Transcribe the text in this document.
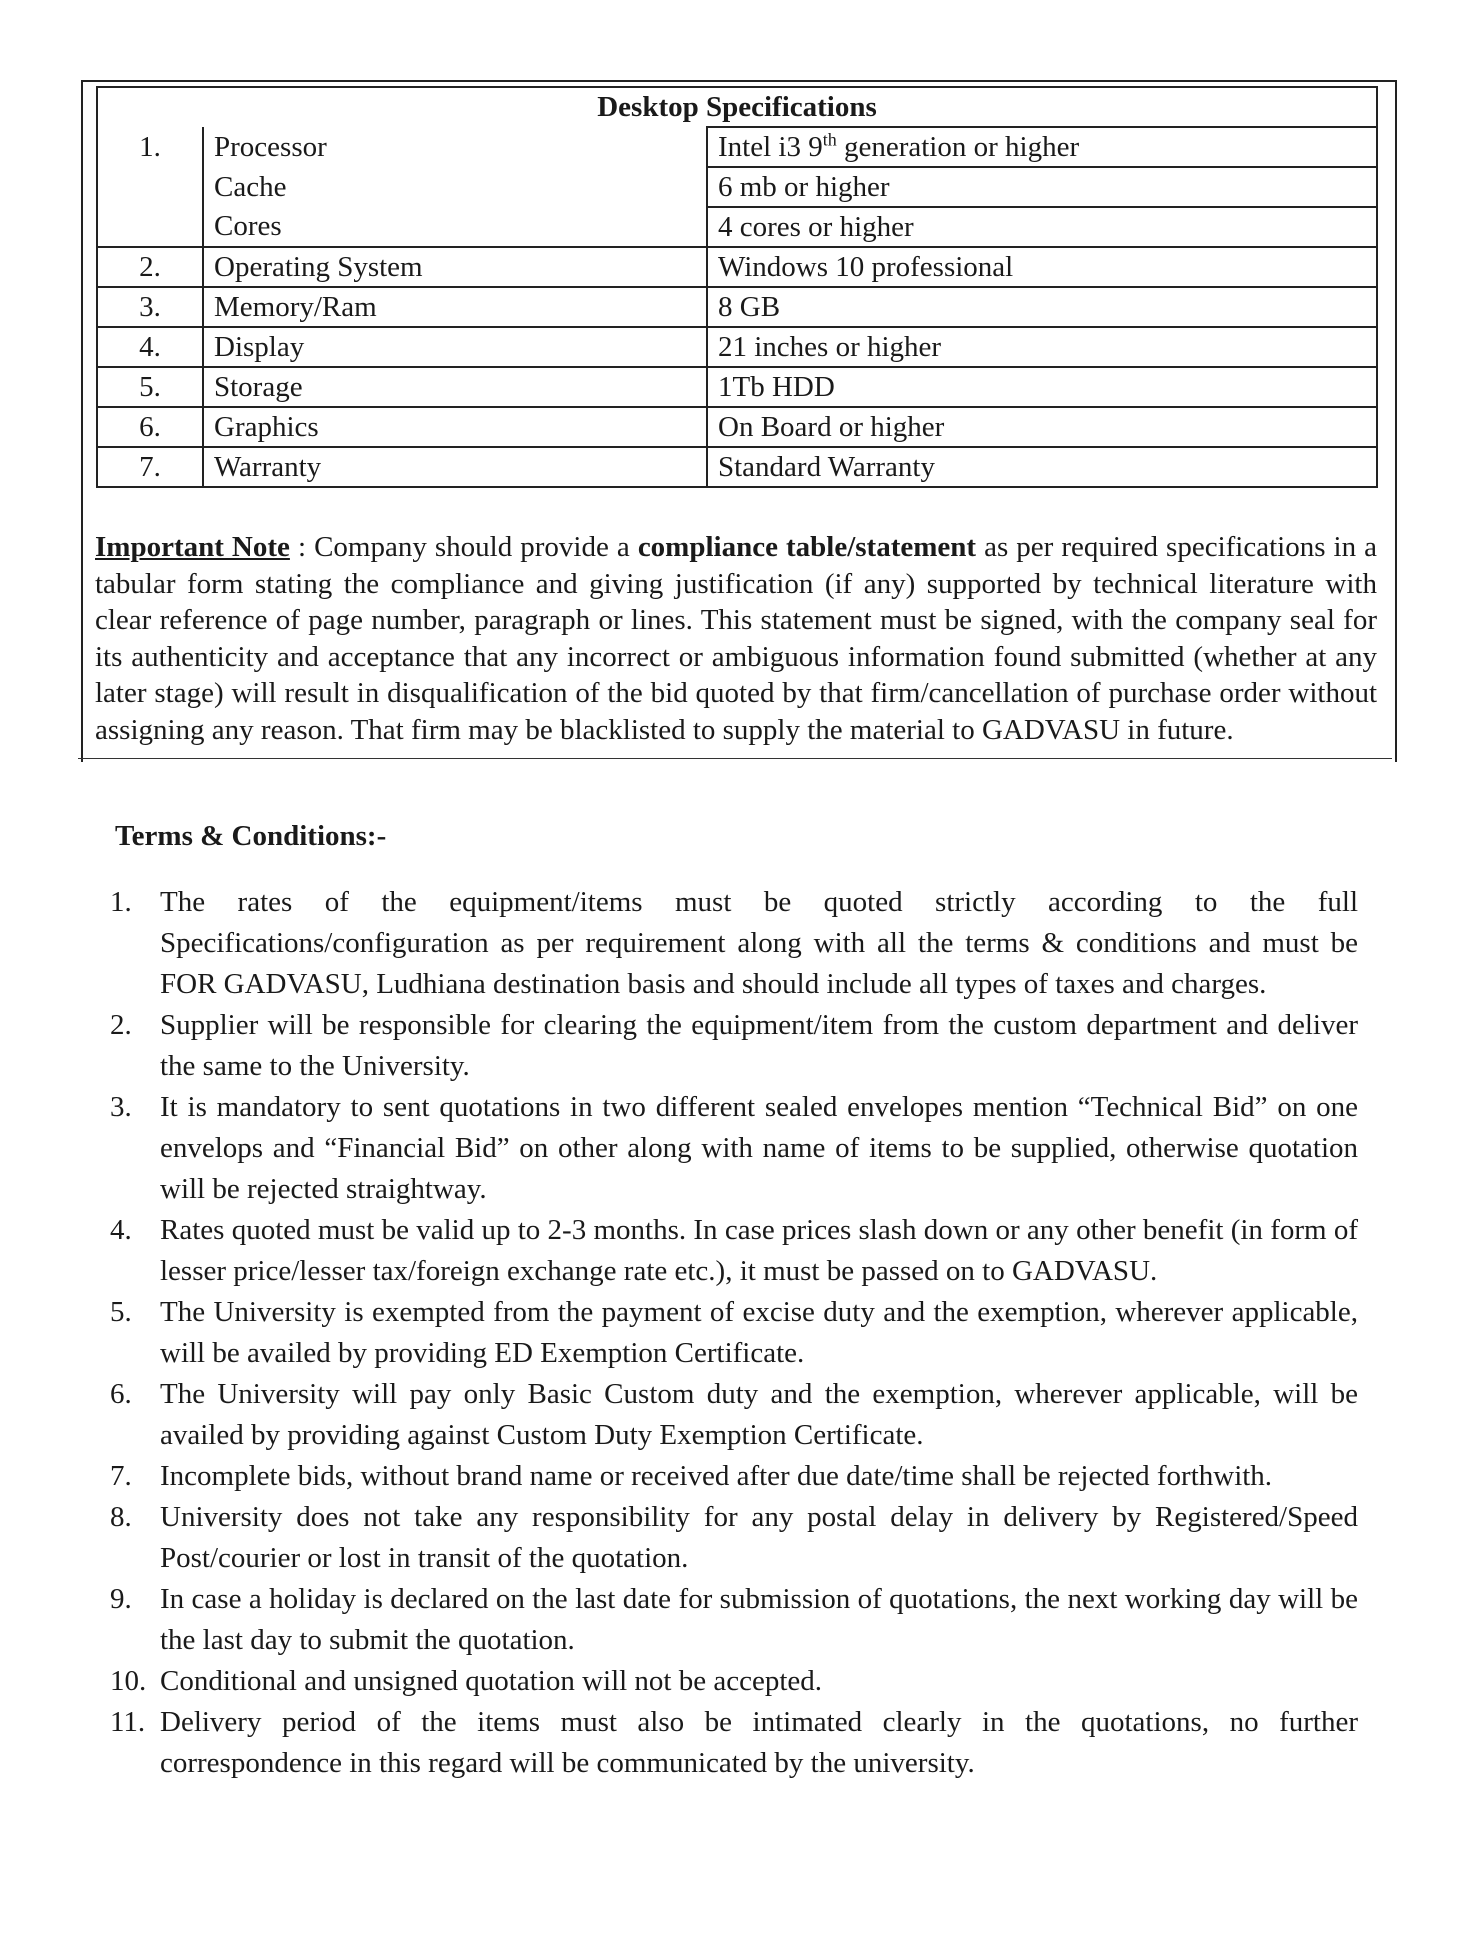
Desktop Specifications		
1.	Processor	Intel i3 9th generation or higher
	Cache	6 mb or higher
	Cores	4 cores or higher
2.	Operating System	Windows 10 professional
3.	Memory/Ram	8 GB
4.	Display	21 inches or higher
5.	Storage	1Tb HDD
6.	Graphics	On Board or higher
7.	Warranty	Standard Warranty

Important Note : Company should provide a compliance table/statement as per required specifications in a tabular form stating the compliance and giving justification (if any) supported by technical literature with clear reference of page number, paragraph or lines. This statement must be signed, with the company seal for its authenticity and acceptance that any incorrect or ambiguous information found submitted (whether at any later stage) will result in disqualification of the bid quoted by that firm/cancellation of purchase order without assigning any reason. That firm may be blacklisted to supply the material to GADVASU in future.

Terms & Conditions:-
1. The rates of the equipment/items must be quoted strictly according to the full Specifications/configuration as per requirement along with all the terms & conditions and must be FOR GADVASU, Ludhiana destination basis and should include all types of taxes and charges.
2. Supplier will be responsible for clearing the equipment/item from the custom department and deliver the same to the University.
3. It is mandatory to sent quotations in two different sealed envelopes mention “Technical Bid” on one envelops and “Financial Bid” on other along with name of items to be supplied, otherwise quotation will be rejected straightway.
4. Rates quoted must be valid up to 2-3 months. In case prices slash down or any other benefit (in form of lesser price/lesser tax/foreign exchange rate etc.), it must be passed on to GADVASU.
5. The University is exempted from the payment of excise duty and the exemption, wherever applicable, will be availed by providing ED Exemption Certificate.
6. The University will pay only Basic Custom duty and the exemption, wherever applicable, will be availed by providing against Custom Duty Exemption Certificate.
7. Incomplete bids, without brand name or received after due date/time shall be rejected forthwith.
8. University does not take any responsibility for any postal delay in delivery by Registered/Speed Post/courier or lost in transit of the quotation.
9. In case a holiday is declared on the last date for submission of quotations, the next working day will be the last day to submit the quotation.
10. Conditional and unsigned quotation will not be accepted.
11. Delivery period of the items must also be intimated clearly in the quotations, no further correspondence in this regard will be communicated by the university.
